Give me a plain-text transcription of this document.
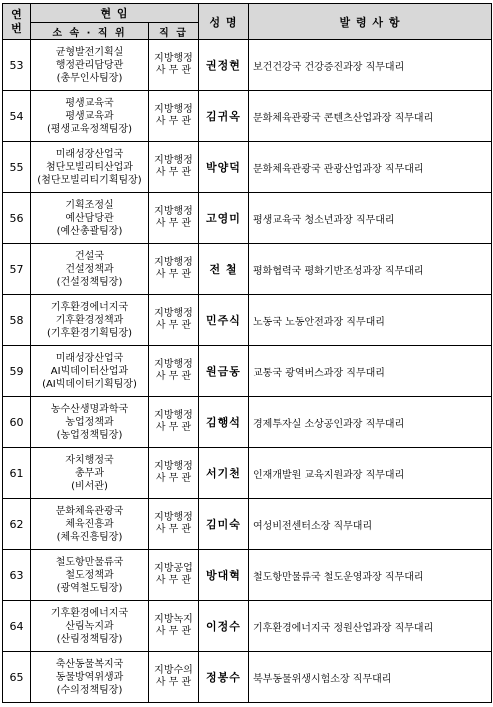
연번	현 임		성 명	발 령 사 항
	소 속 · 직 위	직 급		
53	균형발전기획실
행정관리담당관
(총무인사팀장)	지방행정
사 무 관	권정현	보건건강국 건강증진과장 직무대리
54	평생교육국
평생교육과
(평생교육정책팀장)	지방행정
사 무 관	김귀옥	문화체육관광국 콘텐츠산업과장 직무대리
55	미래성장산업국
첨단모빌리티산업과
(첨단모빌리티기획팀장)	지방행정
사 무 관	박양덕	문화체육관광국 관광산업과장 직무대리
56	기획조정실
예산담당관
(예산총괄팀장)	지방행정
사 무 관	고영미	평생교육국 청소년과장 직무대리
57	건설국
건설정책과
(건설정책팀장)	지방행정
사 무 관	전 철	평화협력국 평화기반조성과장 직무대리
58	기후환경에너지국
기후환경정책과
(기후환경기획팀장)	지방행정
사 무 관	민주식	노동국 노동안전과장 직무대리
59	미래성장산업국
AI빅데이터산업과
(AI빅데이터기획팀장)	지방행정
사 무 관	원금동	교통국 광역버스과장 직무대리
60	농수산생명과학국
농업정책과
(농업정책팀장)	지방행정
사 무 관	김행석	경제투자실 소상공인과장 직무대리
61	자치행정국
총무과
(비서관)	지방행정
사 무 관	서기천	인재개발원 교육지원과장 직무대리
62	문화체육관광국
체육진흥과
(체육진흥팀장)	지방행정
사 무 관	김미숙	여성비전센터소장 직무대리
63	철도항만물류국
철도정책과
(광역철도팀장)	지방공업
사 무 관	방대혁	철도항만물류국 철도운영과장 직무대리
64	기후환경에너지국
산림녹지과
(산림정책팀장)	지방녹지
사 무 관	이정수	기후환경에너지국 정원산업과장 직무대리
65	축산동물복지국
동물방역위생과
(수의정책팀장)	지방수의
사 무 관	정봉수	북부동물위생시험소장 직무대리
